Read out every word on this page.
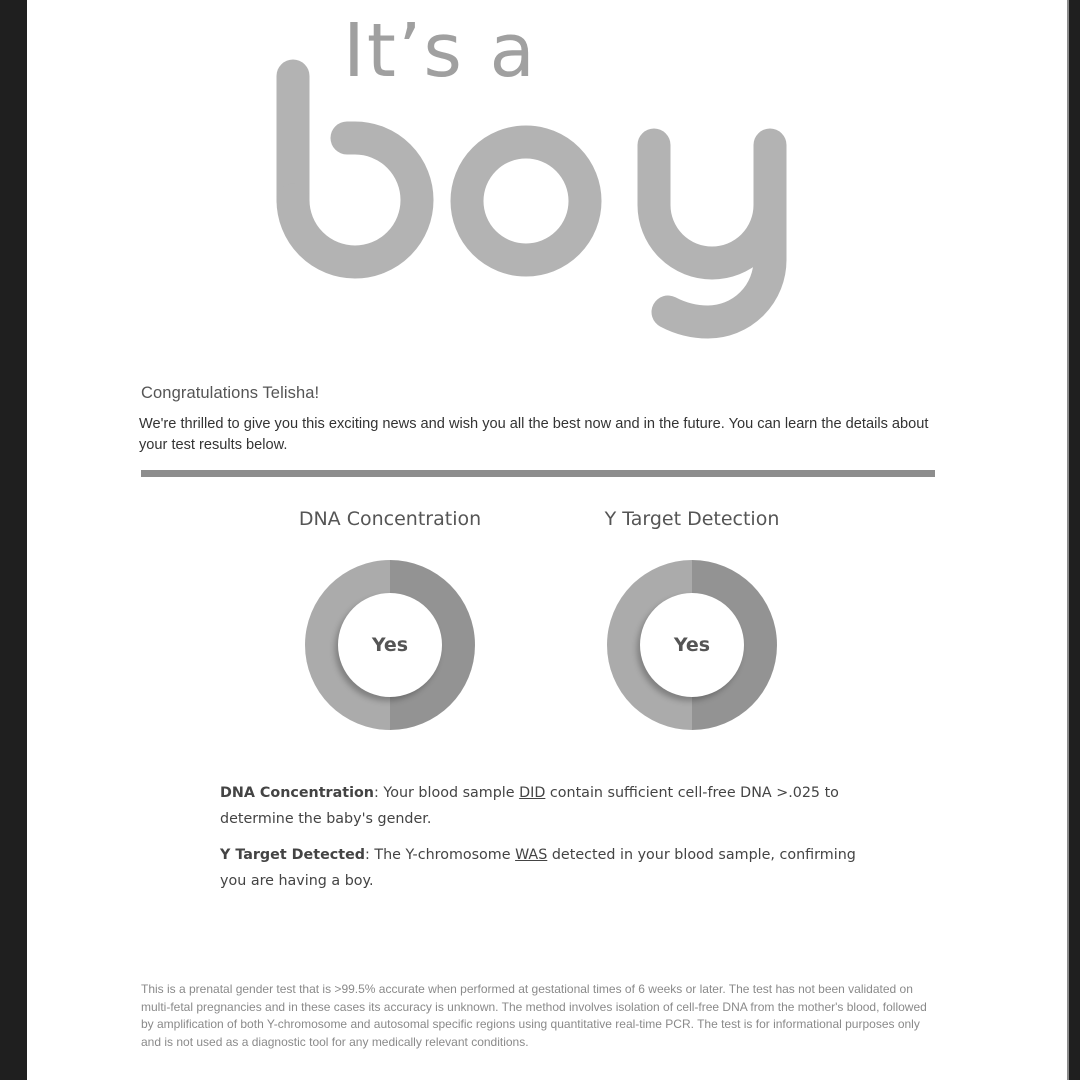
It’s a
Congratulations Telisha!
We're thrilled to give you this exciting news and wish you all the best now and in the future. You can learn the details about your test results below.
DNA Concentration
Yes
Y Target Detection
Yes

DNA Concentration: Your blood sample DID contain sufficient cell-free DNA >.025 to determine the baby's gender.

Y Target Detected: The Y-chromosome WAS detected in your blood sample, confirming you are having a boy.

This is a prenatal gender test that is >99.5% accurate when performed at gestational times of 6 weeks or later. The test has not been validated on multi-fetal pregnancies and in these cases its accuracy is unknown. The method involves isolation of cell-free DNA from the mother's blood, followed by amplification of both Y-chromosome and autosomal specific regions using quantitative real-time PCR. The test is for informational purposes only and is not used as a diagnostic tool for any medically relevant conditions.
